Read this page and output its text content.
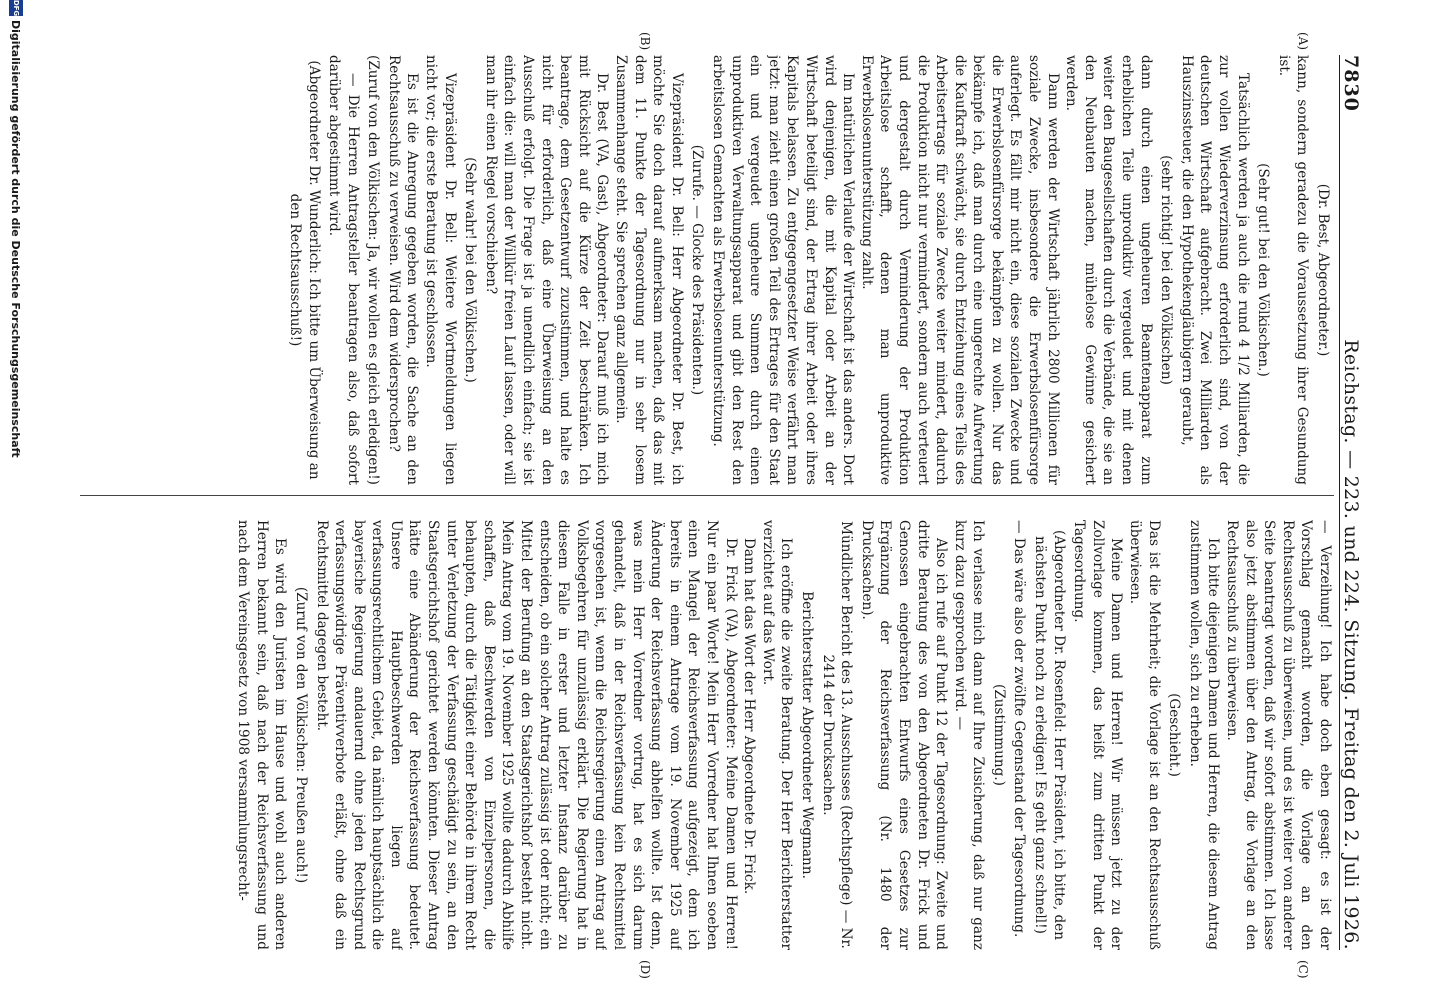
7830
Reichstag. — 223. und 224. Sitzung. Freitag den 2. Juli 1926.
(A)
(B)
(C)
(D)

(Dr. Best, Abgeordneter.)

kann, sondern geradezu die Voraussetzung ihrer Gesundung ist.

(Sehr gut! bei den Völkischen.)

Tatsächlich werden ja auch die rund 4 1/2 Milliarden, die zur vollen Wiederverzinsung erforderlich sind, von der deutschen Wirtschaft aufgebracht. Zwei Milliarden als Hauszinssteuer, die den Hypothekengläubigern geraubt,

(sehr richtig! bei den Völkischen)

dann durch einen ungeheuren Beamtenapparat zum erheblichen Teile unproduktiv vergeudet und mit denen weiter den Baugesellschaften durch die Verbände, die sie an den Neubauten machen, mühelose Gewinne gesichert werden.

Dann werden der Wirtschaft jährlich 2800 Millionen für soziale Zwecke, insbesondere die Erwerbslosenfürsorge auferlegt. Es fällt mir nicht ein, diese sozialen Zwecke und die Erwerbslosenfürsorge bekämpfen zu wollen. Nur das bekämpfe ich, daß man durch eine ungerechte Aufwertung die Kaufkraft schwächt, sie durch Entziehung eines Teils des Arbeitsertrags für soziale Zwecke weiter mindert, dadurch die Produktion nicht nur vermindert, sondern auch verteuert und dergestalt durch Verminderung der Produktion Arbeitslose schafft, denen man unproduktive Erwerbslosenunterstützung zahlt.

Im natürlichen Verlaufe der Wirtschaft ist das anders. Dort wird denjenigen, die mit Kapital oder Arbeit an der Wirtschaft beteiligt sind, der Ertrag ihrer Arbeit oder ihres Kapitals belassen. Zu entgegengesetzter Weise verfährt man jetzt: man zieht einen großen Teil des Ertrages für den Staat ein und vergeudet ungeheure Summen durch einen unproduktiven Verwaltungsapparat und gibt den Rest den arbeitslosen Gemachten als Erwerbslosenunterstützung.

(Zurufe. — Glocke des Präsidenten.)

Vizepräsident Dr. Bell: Herr Abgeordneter Dr. Best, ich möchte Sie doch darauf aufmerksam machen, daß das mit dem 11. Punkte der Tagesordnung nur in sehr losem Zusammenhange steht. Sie sprechen ganz allgemein.

Dr. Best (VA, Gast), Abgeordneter: Darauf muß ich mich mit Rücksicht auf die Kürze der Zeit beschränken. Ich beantrage, dem Gesetzentwurf zuzustimmen, und halte es nicht für erforderlich, daß eine Überweisung an den Ausschuß erfolgt. Die Frage ist ja unendlich einfach; sie ist einfach die: will man der Willkür freien Lauf lassen, oder will man ihr einen Riegel vorschieben?

(Sehr wahr! bei den Völkischen.)

Vizepräsident Dr. Bell: Weitere Wortmeldungen liegen nicht vor; die erste Beratung ist geschlossen.

Es ist die Anregung gegeben worden, die Sache an den Rechtsausschuß zu verweisen. Wird dem widersprochen?

(Zuruf von den Völkischen: Ja, wir wollen es gleich erledigen!)

— Die Herren Antragsteller beantragen also, daß sofort darüber abgestimmt wird.

(Abgeordneter Dr. Wunderlich: Ich bitte um Überweisung an den Rechtsausschuß!)

— Verzeihung! Ich habe doch eben gesagt: es ist der Vorschlag gemacht worden, die Vorlage an den Rechtsausschuß zu überweisen, und es ist weiter von anderer Seite beantragt worden, daß wir sofort abstimmen. Ich lasse also jetzt abstimmen über den Antrag, die Vorlage an den Rechtsausschuß zu überweisen.

Ich bitte diejenigen Damen und Herren, die diesem Antrag zustimmen wollen, sich zu erheben.

(Geschieht.)

Das ist die Mehrheit; die Vorlage ist an den Rechtsausschuß überwiesen.

Meine Damen und Herren! Wir müssen jetzt zu der Zollvorlage kommen, das heißt zum dritten Punkt der Tagesordnung.

(Abgeordneter Dr. Rosenfeld: Herr Präsident, ich bitte, den nächsten Punkt noch zu erledigen! Es geht ganz schnell!)

— Das wäre also der zwölfte Gegenstand der Tagesordnung.

(Zustimmung.)

Ich verlasse mich dann auf Ihre Zusicherung, daß nur ganz kurz dazu gesprochen wird. —

Also ich rufe auf Punkt 12 der Tagesordnung: Zweite und dritte Beratung des von den Abgeordneten Dr. Frick und Genossen eingebrachten Entwurfs eines Gesetzes zur Ergänzung der Reichsverfassung (Nr. 1480 der Drucksachen).

Mündlicher Bericht des 13. Ausschusses (Rechtspflege) — Nr. 2414 der Drucksachen.

Berichterstatter Abgeordneter Wegmann.

Ich eröffne die zweite Beratung. Der Herr Berichterstatter verzichtet auf das Wort.

Dann hat das Wort der Herr Abgeordnete Dr. Frick.

Dr. Frick (VA), Abgeordneter: Meine Damen und Herren! Nur ein paar Worte! Mein Herr Vorredner hat Ihnen soeben einen Mangel der Reichsverfassung aufgezeigt, dem ich bereits in einem Antrage vom 19. November 1925 auf Änderung der Reichsverfassung abhelfen wollte. Ist denn, was mein Herr Vorredner vortrug, hat es sich darum gehandelt, daß in der Reichsverfassung kein Rechtsmittel vorgesehen ist, wenn die Reichsregierung einen Antrag auf Volksbegehren für unzulässig erklärt. Die Regierung hat in diesem Falle in erster und letzter Instanz darüber zu entscheiden, ob ein solcher Antrag zulässig ist oder nicht; ein Mittel der Berufung an den Staatsgerichtshof besteht nicht. Mein Antrag vom 19. November 1925 wollte dadurch Abhilfe schaffen, daß Beschwerden von Einzelpersonen, die behaupten, durch die Tätigkeit einer Behörde in ihrem Recht unter Verletzung der Verfassung geschädigt zu sein, an den Staatsgerichtshof gerichtet werden könnten. Dieser Antrag hätte eine Abänderung der Reichsverfassung bedeutet. Unsere Hauptbeschwerden liegen auf verfassungsrechtlichem Gebiet, da nämlich hauptsächlich die bayerische Regierung andauernd ohne jeden Rechtsgrund verfassungswidrige Präventivverbote erläßt, ohne daß ein Rechtsmittel dagegen besteht.

(Zuruf von den Völkischen: Preußen auch!)

Es wird den Juristen im Hause und wohl auch anderen Herren bekannt sein, daß nach der Reichsverfassung und nach dem Vereinsgesetz von 1908 versammlungsrecht-

DFG
Digitalisierung gefördert durch die Deutsche Forschungsgemeinschaft
